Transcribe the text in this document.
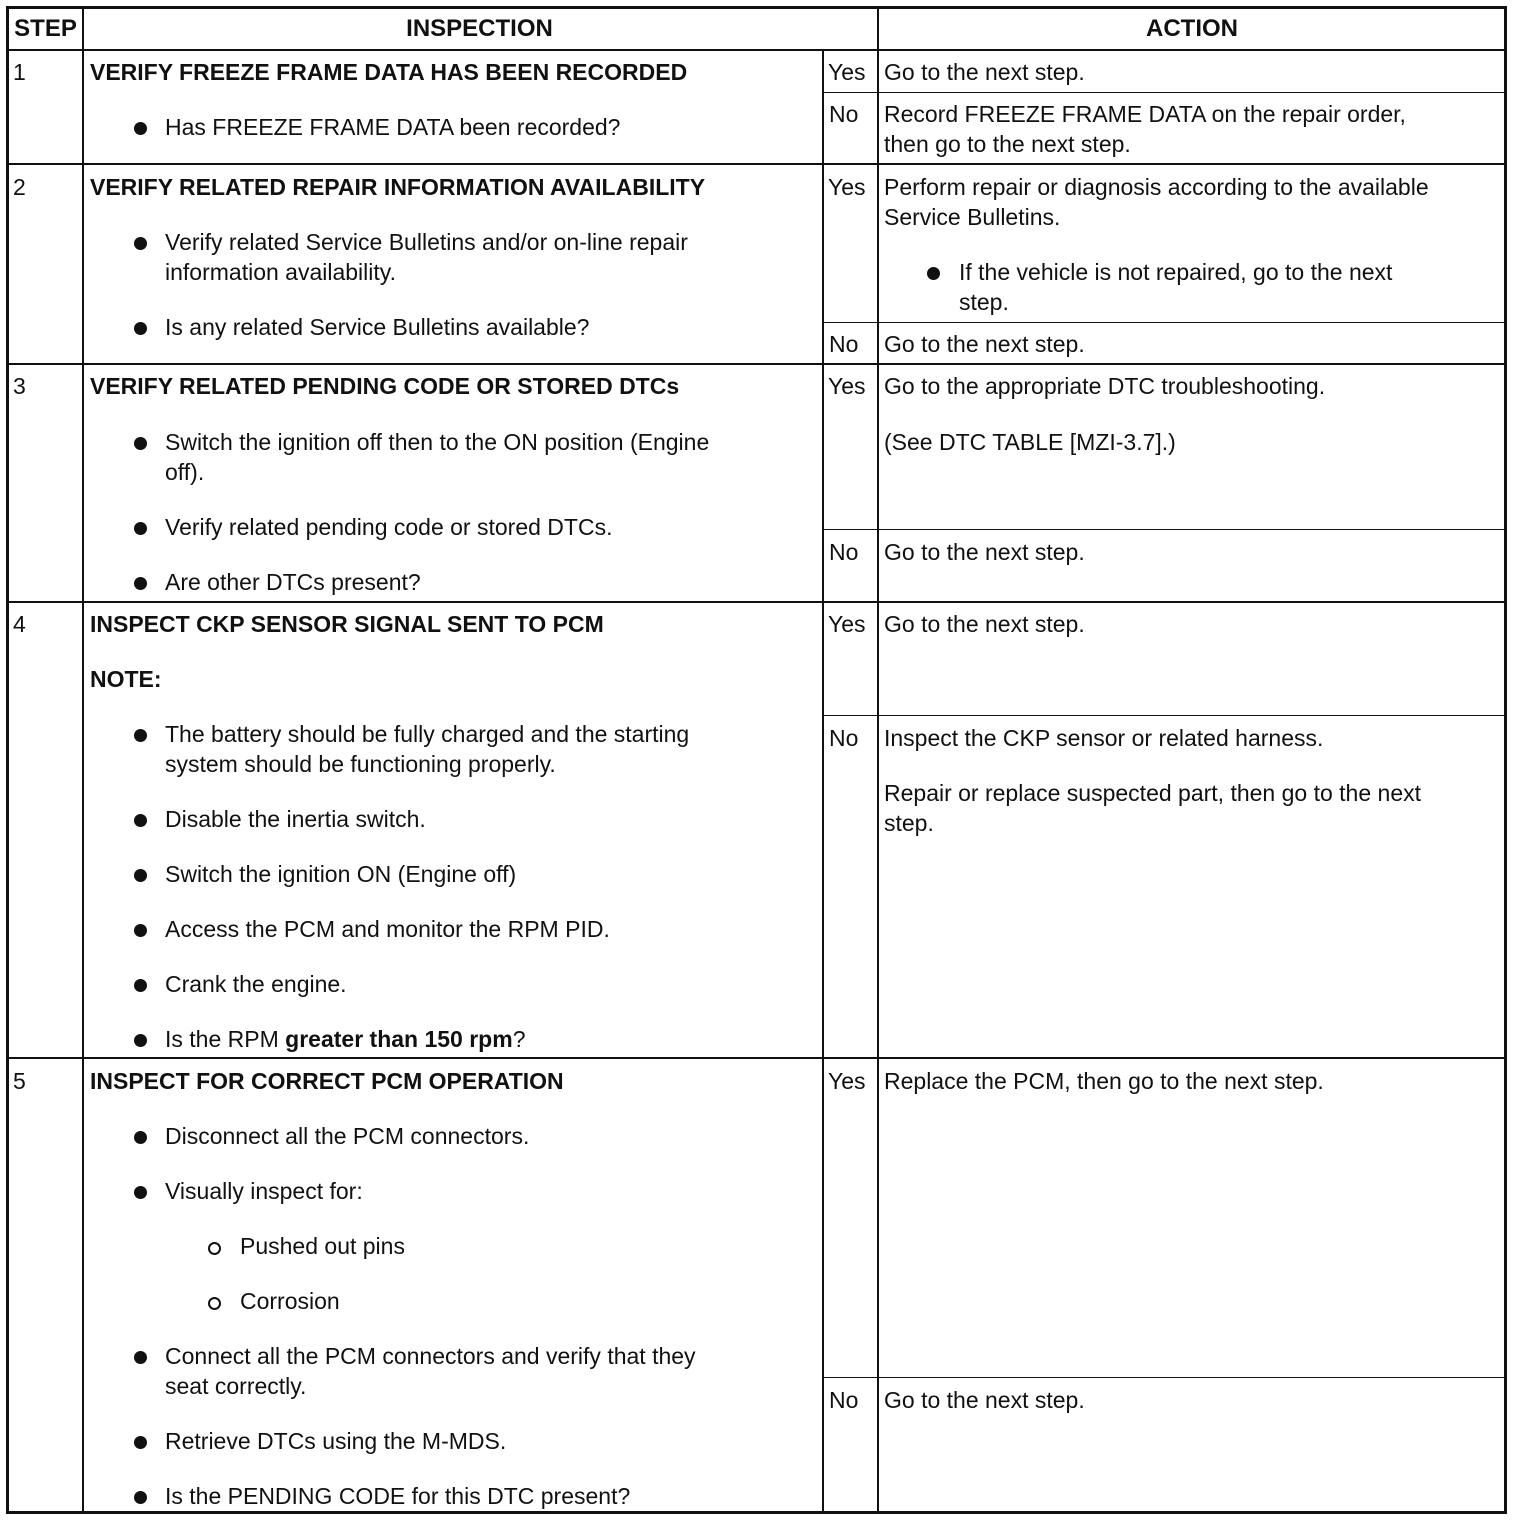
STEP	INSPECTION	ACTION
1	VERIFY FREEZE FRAME DATA HAS BEEN RECORDED
Has FREEZE FRAME DATA been recorded?
Yes Go to the next step.
No Record FREEZE FRAME DATA on the repair order,
then go to the next step.
2	VERIFY RELATED REPAIR INFORMATION AVAILABILITY
Verify related Service Bulletins and/or on-line repair
information availability.
Is any related Service Bulletins available?
Yes Perform repair or diagnosis according to the available
Service Bulletins.
If the vehicle is not repaired, go to the next
step.
No Go to the next step.
3	VERIFY RELATED PENDING CODE OR STORED DTCs
Switch the ignition off then to the ON position (Engine
off).
Verify related pending code or stored DTCs.
Are other DTCs present?
Yes Go to the appropriate DTC troubleshooting.
(See DTC TABLE [MZI-3.7].)
No Go to the next step.
4	INSPECT CKP SENSOR SIGNAL SENT TO PCM
NOTE:
The battery should be fully charged and the starting
system should be functioning properly.
Disable the inertia switch.
Switch the ignition ON (Engine off)
Access the PCM and monitor the RPM PID.
Crank the engine.
Is the RPM greater than 150 rpm?
Yes Go to the next step.
No Inspect the CKP sensor or related harness.
Repair or replace suspected part, then go to the next
step.
5	INSPECT FOR CORRECT PCM OPERATION
Disconnect all the PCM connectors.
Visually inspect for:
Pushed out pins
Corrosion
Connect all the PCM connectors and verify that they
seat correctly.
Retrieve DTCs using the M-MDS.
Is the PENDING CODE for this DTC present?
Yes Replace the PCM, then go to the next step.
No Go to the next step.
